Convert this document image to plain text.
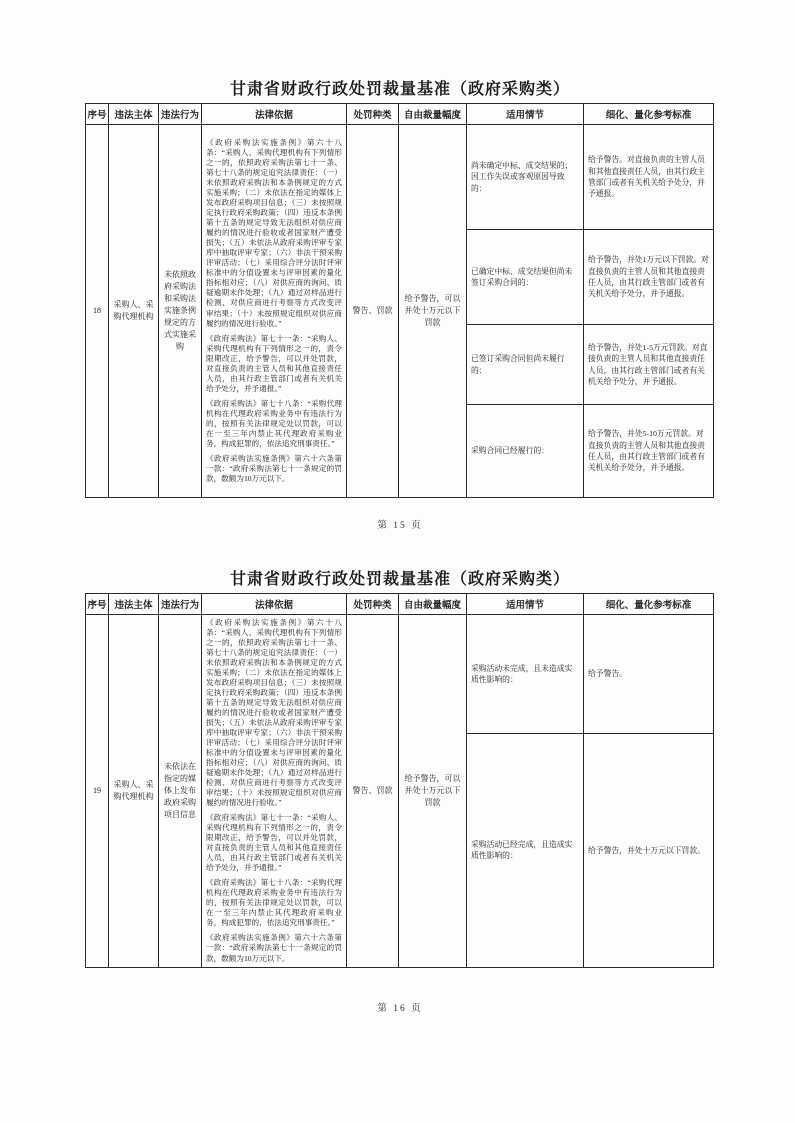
甘肃省财政行政处罚裁量基准（政府采购类）
序号	违法主体	违法行为	法律依据	处罚种类	自由裁量幅度	适用情节	细化、量化参考标准
18	采购人、采购代理机构	未依照政府采购法和采购法实施条例规定的方式实施采购	《政府采购法实施条例》第六十八条：“采购人、采购代理机构有下列情形之一的，依照政府采购法第七十一条、第七十八条的规定追究法律责任：（一）未依照政府采购法和本条例规定的方式实施采购；（二）未依法在指定的媒体上发布政府采购项目信息；（三）未按照规定执行政府采购政策；（四）违反本条例第十五条的规定导致无法组织对供应商履约的情况进行验收或者国家财产遭受损失；（五）未依法从政府采购评审专家库中抽取评审专家；（六）非法干预采购评审活动；（七）采用综合评分法时评审标准中的分值设置未与评审因素的量化指标相对应；（八）对供应商的询问、质疑逾期未作处理；（九）通过对样品进行检测、对供应商进行考察等方式改变评审结果；（十）未按照规定组织对供应商履约的情况进行验收。”

《政府采购法》第七十一条：“采购人、采购代理机构有下列情形之一的，责令限期改正，给予警告，可以并处罚款，对直接负责的主管人员和其他直接责任人员，由其行政主管部门或者有关机关给予处分，并予通报。”

《政府采购法》第七十八条：“采购代理机构在代理政府采购业务中有违法行为的，按照有关法律规定处以罚款，可以在一至三年内禁止其代理政府采购业务，构成犯罪的，依法追究刑事责任。”

《政府采购法实施条例》第六十六条第一款：“政府采购法第七十一条规定的罚款，数额为10万元以下。	警告、罚款	给予警告，可以并处十万元以下罚款	尚未确定中标、成交结果的；因工作失误或客观原因导致的：	给予警告。对直接负责的主管人员和其他直接责任人员，由其行政主管部门或者有关机关给予处分，并予通报。
						已确定中标、成交结果但尚未签订采购合同的：	给予警告，并处1万元以下罚款。对直接负责的主管人员和其他直接责任人员，由其行政主管部门或者有关机关给予处分，并予通报。
						已签订采购合同但尚未履行的：	给予警告，并处1-5万元罚款。对直接负责的主管人员和其他直接责任人员，由其行政主管部门或者有关机关给予处分，并予通报。
						采购合同已经履行的：	给予警告，并处5-10万元罚款。对直接负责的主管人员和其他直接责任人员，由其行政主管部门或者有关机关给予处分，并予通报。
第 15 页
甘肃省财政行政处罚裁量基准（政府采购类）
序号	违法主体	违法行为	法律依据	处罚种类	自由裁量幅度	适用情节	细化、量化参考标准
19	采购人、采购代理机构	未依法在指定的媒体上发布政府采购项目信息	《政府采购法实施条例》第六十八条：“采购人、采购代理机构有下列情形之一的，依照政府采购法第七十一条、第七十八条的规定追究法律责任：（一）未依照政府采购法和本条例规定的方式实施采购；（二）未依法在指定的媒体上发布政府采购项目信息；（三）未按照规定执行政府采购政策；（四）违反本条例第十五条的规定导致无法组织对供应商履约的情况进行验收或者国家财产遭受损失；（五）未依法从政府采购评审专家库中抽取评审专家；（六）非法干预采购评审活动；（七）采用综合评分法时评审标准中的分值设置未与评审因素的量化指标相对应；（八）对供应商的询问、质疑逾期未作处理；（九）通过对样品进行检测、对供应商进行考察等方式改变评审结果；（十）未按照规定组织对供应商履约的情况进行验收。”

《政府采购法》第七十一条：“采购人、采购代理机构有下列情形之一的，责令限期改正，给予警告，可以并处罚款，对直接负责的主管人员和其他直接责任人员，由其行政主管部门或者有关机关给予处分，并予通报。”

《政府采购法》第七十八条：“采购代理机构在代理政府采购业务中有违法行为的，按照有关法律规定处以罚款，可以在一至三年内禁止其代理政府采购业务，构成犯罪的，依法追究刑事责任。”

《政府采购法实施条例》第六十六条第一款：“政府采购法第七十一条规定的罚款，数额为10万元以下。	警告、罚款	给予警告，可以并处十万元以下罚款	采购活动未完成，且未造成实质性影响的：	给予警告。
						采购活动已经完成，且造成实质性影响的：	给予警告，并处十万元以下罚款。
第 16 页
